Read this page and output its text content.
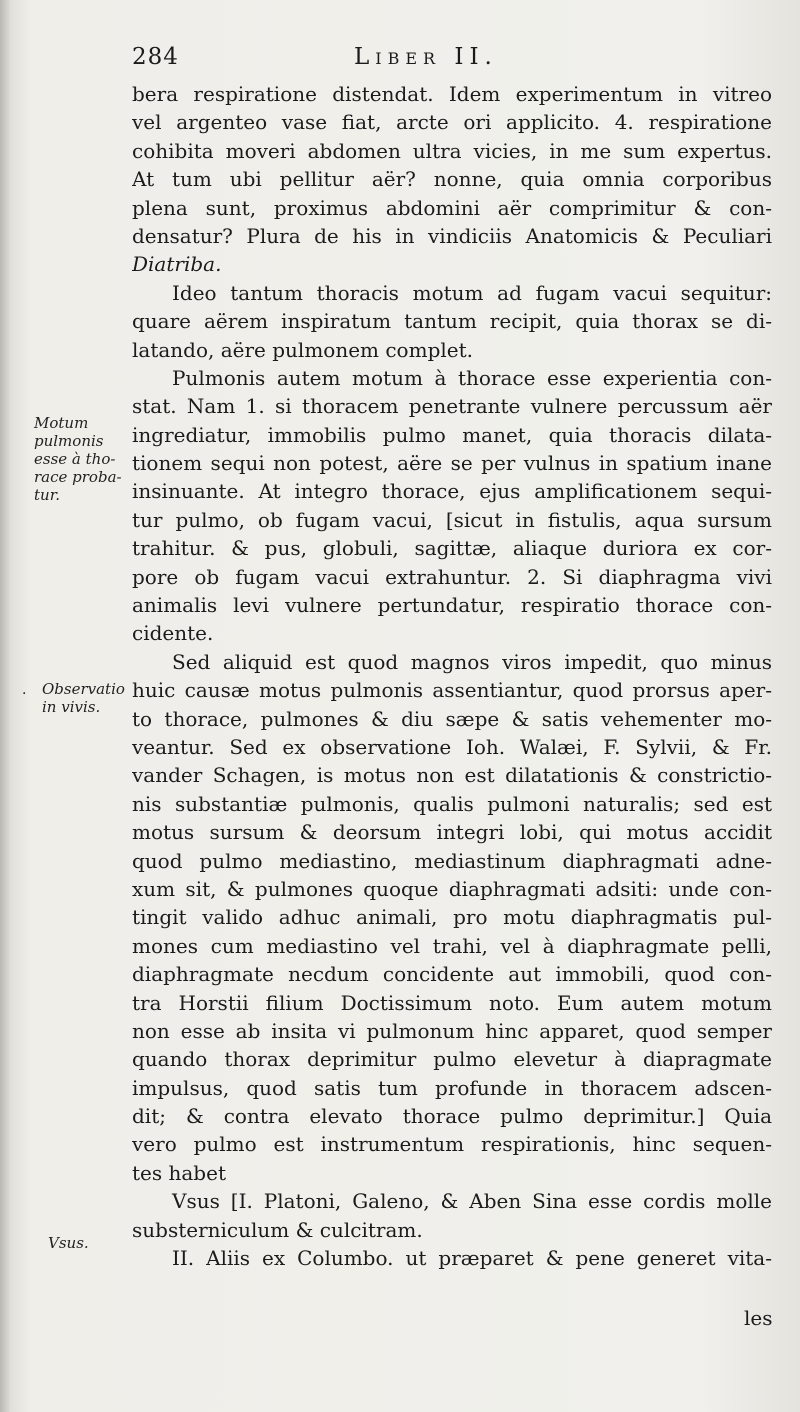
284	Liber II.
bera respiratione distendat. Idem experimentum in vitreo
vel argenteo vase fiat, arcte ori applicito. 4. respiratione
cohibita moveri abdomen ultra vicies, in me sum expertus.
At tum ubi pellitur aër? nonne, quia omnia corporibus
plena sunt, proximus abdomini aër comprimitur & con-
densatur? Plura de his in vindiciis Anatomicis & Peculiari
Diatriba.
Ideo tantum thoracis motum ad fugam vacui sequitur:
quare aërem inspiratum tantum recipit, quia thorax se di-
latando, aëre pulmonem complet.
Pulmonis autem motum à thorace esse experientia con-
stat. Nam 1. si thoracem penetrante vulnere percussum aër
ingrediatur, immobilis pulmo manet, quia thoracis dilata-
tionem sequi non potest, aëre se per vulnus in spatium inane
insinuante. At integro thorace, ejus amplificationem sequi-
tur pulmo, ob fugam vacui, [sicut in fistulis, aqua sursum
trahitur. & pus, globuli, sagittæ, aliaque duriora ex cor-
pore ob fugam vacui extrahuntur. 2. Si diaphragma vivi
animalis levi vulnere pertundatur, respiratio thorace con-
cidente.
Sed aliquid est quod magnos viros impedit, quo minus
huic causæ motus pulmonis assentiantur, quod prorsus aper-
to thorace, pulmones & diu sæpe & satis vehementer mo-
veantur. Sed ex observatione Ioh. Walæi, F. Sylvii, & Fr.
vander Schagen, is motus non est dilatationis & constrictio-
nis substantiæ pulmonis, qualis pulmoni naturalis; sed est
motus sursum & deorsum integri lobi, qui motus accidit
quod pulmo mediastino, mediastinum diaphragmati adne-
xum sit, & pulmones quoque diaphragmati adsiti: unde con-
tingit valido adhuc animali, pro motu diaphragmatis pul-
mones cum mediastino vel trahi, vel à diaphragmate pelli,
diaphragmate necdum concidente aut immobili, quod con-
tra Horstii filium Doctissimum noto. Eum autem motum
non esse ab insita vi pulmonum hinc apparet, quod semper
quando thorax deprimitur pulmo elevetur à diapragmate
impulsus, quod satis tum profunde in thoracem adscen-
dit; & contra elevato thorace pulmo deprimitur.] Quia
vero pulmo est instrumentum respirationis, hinc sequen-
tes habet
Vsus [I. Platoni, Galeno, & Aben Sina esse cordis molle
substerniculum & culcitram.
II. Aliis ex Columbo. ut præparet & pene generet vita-
Motum
pulmonis
esse à tho-
race proba-
tur.
· Observatio
in vivis.
Vsus.
les
